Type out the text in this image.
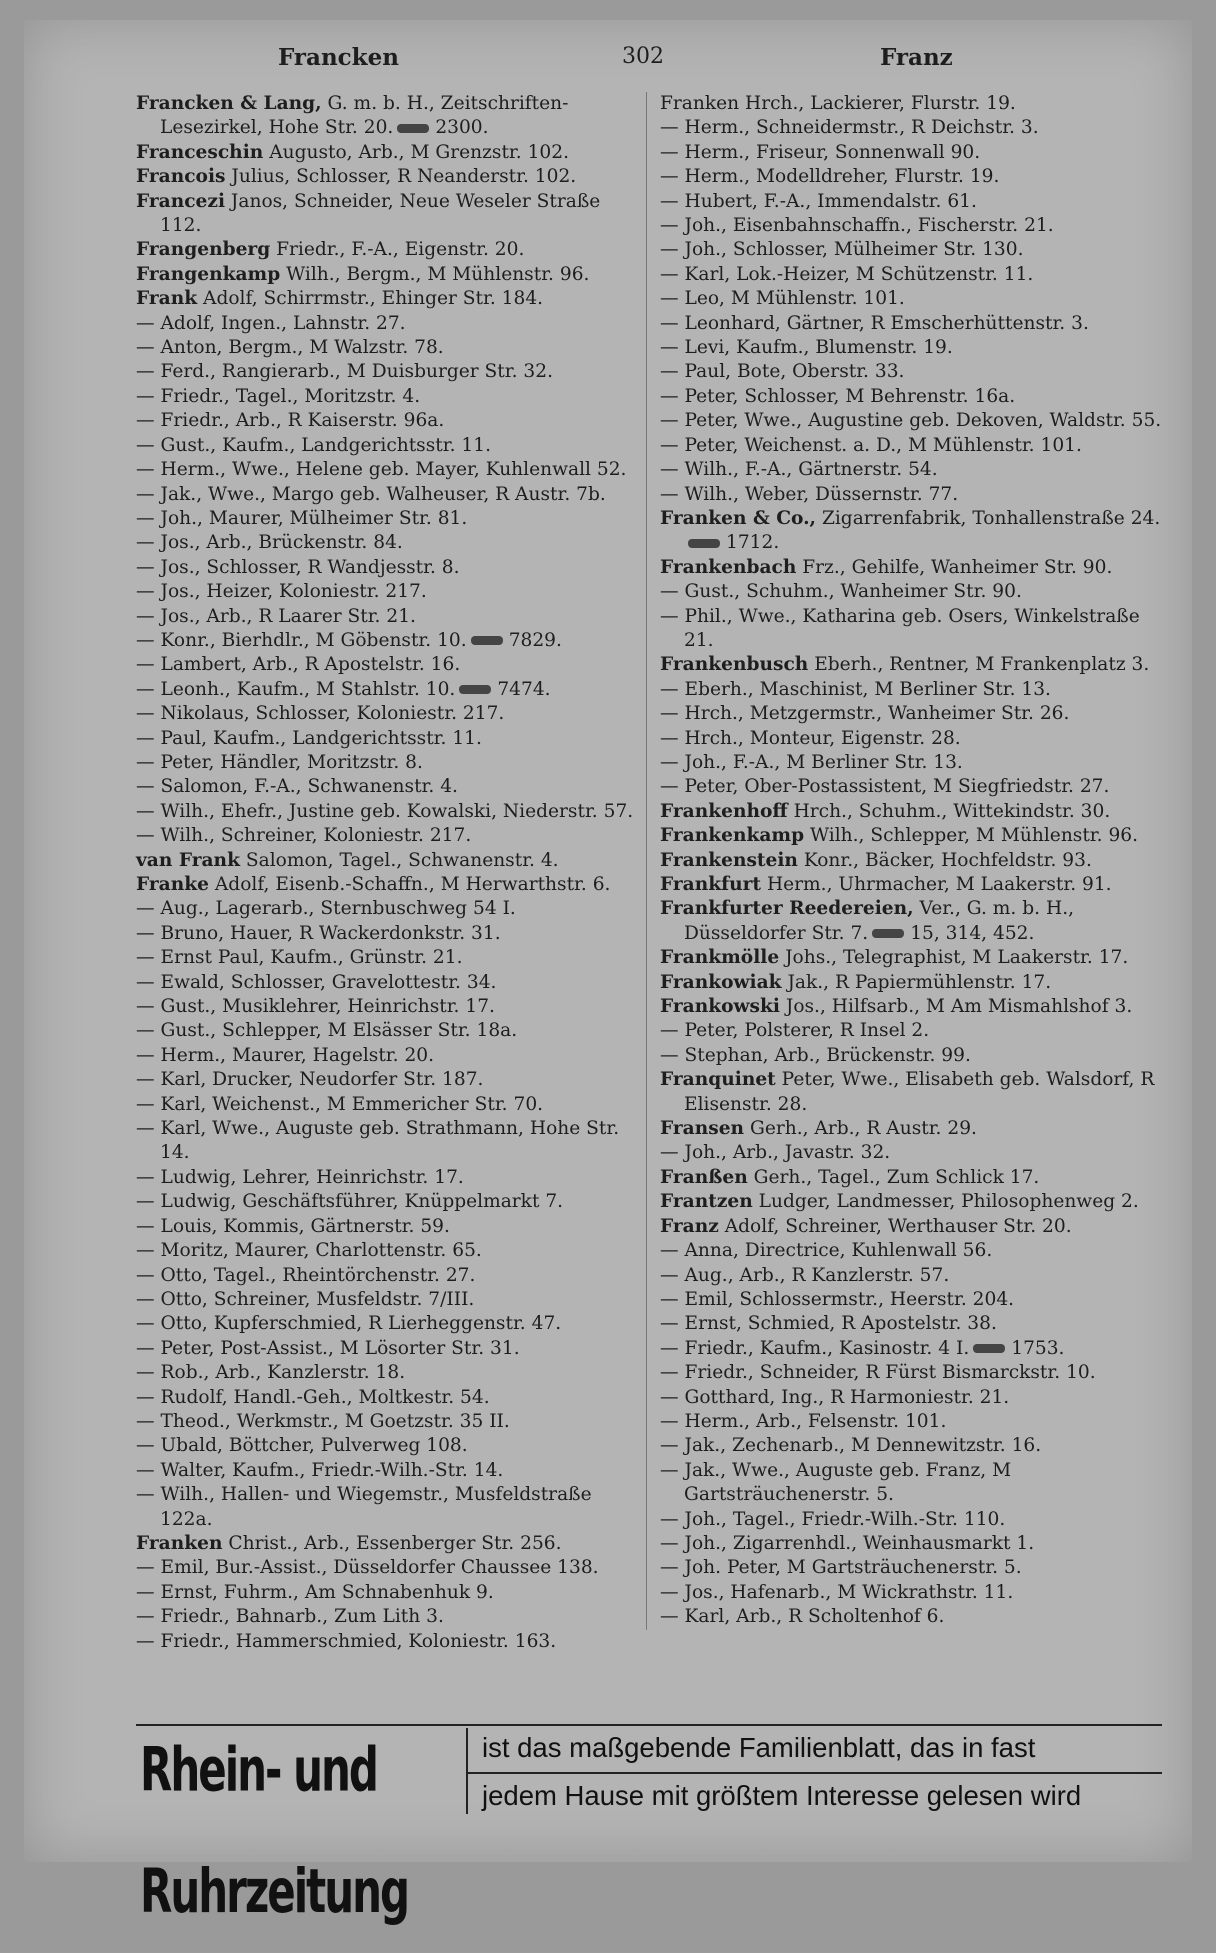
Francken	302	Franz

Francken & Lang, G. m. b. H., Zeitschriften-Lesezirkel, Hohe Str. 20. 2300.

Franceschin Augusto, Arb., M Grenzstr. 102.

Francois Julius, Schlosser, R Neanderstr. 102.

Francezi Janos, Schneider, Neue Weseler Straße 112.

Frangenberg Friedr., F.-A., Eigenstr. 20.

Frangenkamp Wilh., Bergm., M Mühlenstr. 96.

Frank Adolf, Schirrmstr., Ehinger Str. 184.

— Adolf, Ingen., Lahnstr. 27.

— Anton, Bergm., M Walzstr. 78.

— Ferd., Rangierarb., M Duisburger Str. 32.

— Friedr., Tagel., Moritzstr. 4.

— Friedr., Arb., R Kaiserstr. 96a.

— Gust., Kaufm., Landgerichtsstr. 11.

— Herm., Wwe., Helene geb. Mayer, Kuhlenwall 52.

— Jak., Wwe., Margo geb. Walheuser, R Austr. 7b.

— Joh., Maurer, Mülheimer Str. 81.

— Jos., Arb., Brückenstr. 84.

— Jos., Schlosser, R Wandjesstr. 8.

— Jos., Heizer, Koloniestr. 217.

— Jos., Arb., R Laarer Str. 21.

— Konr., Bierhdlr., M Göbenstr. 10. 7829.

— Lambert, Arb., R Apostelstr. 16.

— Leonh., Kaufm., M Stahlstr. 10. 7474.

— Nikolaus, Schlosser, Koloniestr. 217.

— Paul, Kaufm., Landgerichtsstr. 11.

— Peter, Händler, Moritzstr. 8.

— Salomon, F.-A., Schwanenstr. 4.

— Wilh., Ehefr., Justine geb. Kowalski, Niederstr. 57.

— Wilh., Schreiner, Koloniestr. 217.

van Frank Salomon, Tagel., Schwanenstr. 4.

Franke Adolf, Eisenb.-Schaffn., M Herwarthstr. 6.

— Aug., Lagerarb., Sternbuschweg 54 I.

— Bruno, Hauer, R Wackerdonkstr. 31.

— Ernst Paul, Kaufm., Grünstr. 21.

— Ewald, Schlosser, Gravelottestr. 34.

— Gust., Musiklehrer, Heinrichstr. 17.

— Gust., Schlepper, M Elsässer Str. 18a.

— Herm., Maurer, Hagelstr. 20.

— Karl, Drucker, Neudorfer Str. 187.

— Karl, Weichenst., M Emmericher Str. 70.

— Karl, Wwe., Auguste geb. Strathmann, Hohe Str. 14.

— Ludwig, Lehrer, Heinrichstr. 17.

— Ludwig, Geschäftsführer, Knüppelmarkt 7.

— Louis, Kommis, Gärtnerstr. 59.

— Moritz, Maurer, Charlottenstr. 65.

— Otto, Tagel., Rheintörchenstr. 27.

— Otto, Schreiner, Musfeldstr. 7/III.

— Otto, Kupferschmied, R Lierheggenstr. 47.

— Peter, Post-Assist., M Lösorter Str. 31.

— Rob., Arb., Kanzlerstr. 18.

— Rudolf, Handl.-Geh., Moltkestr. 54.

— Theod., Werkmstr., M Goetzstr. 35 II.

— Ubald, Böttcher, Pulverweg 108.

— Walter, Kaufm., Friedr.-Wilh.-Str. 14.

— Wilh., Hallen- und Wiegemstr., Musfeldstraße 122a.

Franken Christ., Arb., Essenberger Str. 256.

— Emil, Bur.-Assist., Düsseldorfer Chaussee 138.

— Ernst, Fuhrm., Am Schnabenhuk 9.

— Friedr., Bahnarb., Zum Lith 3.

— Friedr., Hammerschmied, Koloniestr. 163.

Franken Hrch., Lackierer, Flurstr. 19.

— Herm., Schneidermstr., R Deichstr. 3.

— Herm., Friseur, Sonnenwall 90.

— Herm., Modelldreher, Flurstr. 19.

— Hubert, F.-A., Immendalstr. 61.

— Joh., Eisenbahnschaffn., Fischerstr. 21.

— Joh., Schlosser, Mülheimer Str. 130.

— Karl, Lok.-Heizer, M Schützenstr. 11.

— Leo, M Mühlenstr. 101.

— Leonhard, Gärtner, R Emscherhüttenstr. 3.

— Levi, Kaufm., Blumenstr. 19.

— Paul, Bote, Oberstr. 33.

— Peter, Schlosser, M Behrenstr. 16a.

— Peter, Wwe., Augustine geb. Dekoven, Waldstr. 55.

— Peter, Weichenst. a. D., M Mühlenstr. 101.

— Wilh., F.-A., Gärtnerstr. 54.

— Wilh., Weber, Düssernstr. 77.

Franken & Co., Zigarrenfabrik, Tonhallenstraße 24.1712.

Frankenbach Frz., Gehilfe, Wanheimer Str. 90.

— Gust., Schuhm., Wanheimer Str. 90.

— Phil., Wwe., Katharina geb. Osers, Winkelstraße 21.

Frankenbusch Eberh., Rentner, M Frankenplatz 3.

— Eberh., Maschinist, M Berliner Str. 13.

— Hrch., Metzgermstr., Wanheimer Str. 26.

— Hrch., Monteur, Eigenstr. 28.

— Joh., F.-A., M Berliner Str. 13.

— Peter, Ober-Postassistent, M Siegfriedstr. 27.

Frankenhoff Hrch., Schuhm., Wittekindstr. 30.

Frankenkamp Wilh., Schlepper, M Mühlenstr. 96.

Frankenstein Konr., Bäcker, Hochfeldstr. 93.

Frankfurt Herm., Uhrmacher, M Laakerstr. 91.

Frankfurter Reedereien, Ver., G. m. b. H., Düsseldorfer Str. 7. 15, 314, 452.

Frankmölle Johs., Telegraphist, M Laakerstr. 17.

Frankowiak Jak., R Papiermühlenstr. 17.

Frankowski Jos., Hilfsarb., M Am Mismahlshof 3.

— Peter, Polsterer, R Insel 2.

— Stephan, Arb., Brückenstr. 99.

Franquinet Peter, Wwe., Elisabeth geb. Walsdorf, R Elisenstr. 28.

Fransen Gerh., Arb., R Austr. 29.

— Joh., Arb., Javastr. 32.

Franßen Gerh., Tagel., Zum Schlick 17.

Frantzen Ludger, Landmesser, Philosophenweg 2.

Franz Adolf, Schreiner, Werthauser Str. 20.

— Anna, Directrice, Kuhlenwall 56.

— Aug., Arb., R Kanzlerstr. 57.

— Emil, Schlossermstr., Heerstr. 204.

— Ernst, Schmied, R Apostelstr. 38.

— Friedr., Kaufm., Kasinostr. 4 I. 1753.

— Friedr., Schneider, R Fürst Bismarckstr. 10.

— Gotthard, Ing., R Harmoniestr. 21.

— Herm., Arb., Felsenstr. 101.

— Jak., Zechenarb., M Dennewitzstr. 16.

— Jak., Wwe., Auguste geb. Franz, M Gartsträuchenerstr. 5.

— Joh., Tagel., Friedr.-Wilh.-Str. 110.

— Joh., Zigarrenhdl., Weinhausmarkt 1.

— Joh. Peter, M Gartsträuchenerstr. 5.

— Jos., Hafenarb., M Wickrathstr. 11.

— Karl, Arb., R Scholtenhof 6.

Rhein- und Ruhrzeitung
ist das maßgebende Familienblatt, das in fast
jedem Hause mit größtem Interesse gelesen wird
